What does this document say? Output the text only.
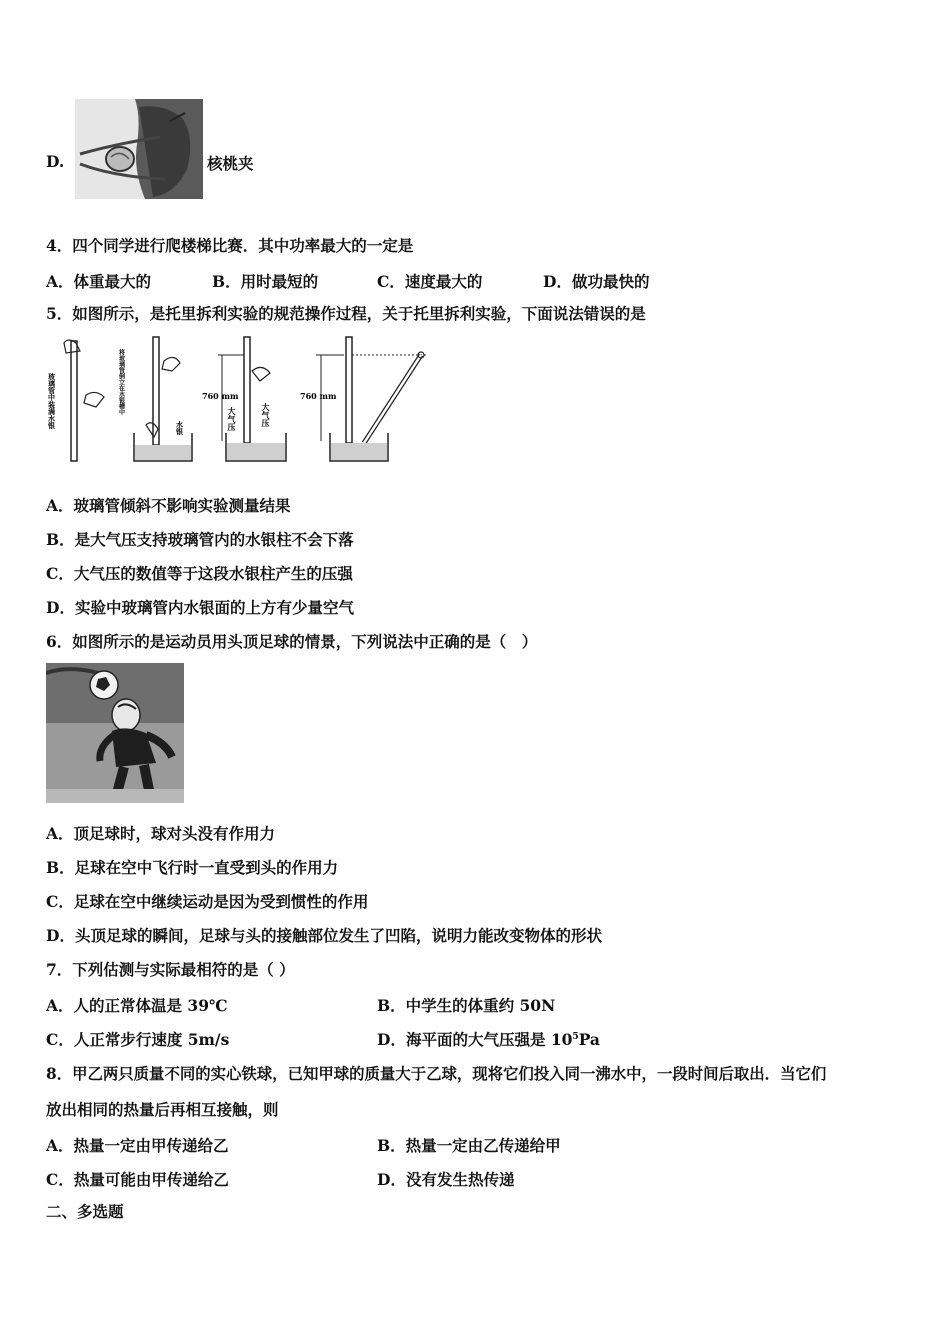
D.	核桃夹
4．四个同学进行爬楼梯比赛．其中功率最大的一定是
A．体重最大的	B．用时最短的	C．速度最大的	D．做功最快的
5．如图所示，是托里拆利实验的规范操作过程，关于托里拆利实验，下面说法错误的是
玻璃管中装满水银	将玻璃管倒立在水银槽中
水银
760 mm
大气压	大气压
760 mm
A．玻璃管倾斜不影响实验测量结果
B．是大气压支持玻璃管内的水银柱不会下落
C．大气压的数值等于这段水银柱产生的压强
D．实验中玻璃管内水银面的上方有少量空气
6．如图所示的是运动员用头顶足球的情景，下列说法中正确的是（　）
A．顶足球时，球对头没有作用力
B．足球在空中飞行时一直受到头的作用力
C．足球在空中继续运动是因为受到惯性的作用
D．头顶足球的瞬间，足球与头的接触部位发生了凹陷，说明力能改变物体的形状
7．下列估测与实际最相符的是（ ）
A．人的正常体温是 39℃	B．中学生的体重约 50N
C．人正常步行速度 5m/s	D．海平面的大气压强是 $10^5Pa$
8．甲乙两只质量不同的实心铁球，已知甲球的质量大于乙球，现将它们投入同一沸水中，一段时间后取出．当它们
放出相同的热量后再相互接触，则
A．热量一定由甲传递给乙	B．热量一定由乙传递给甲
C．热量可能由甲传递给乙	D．没有发生热传递
二、多选题
